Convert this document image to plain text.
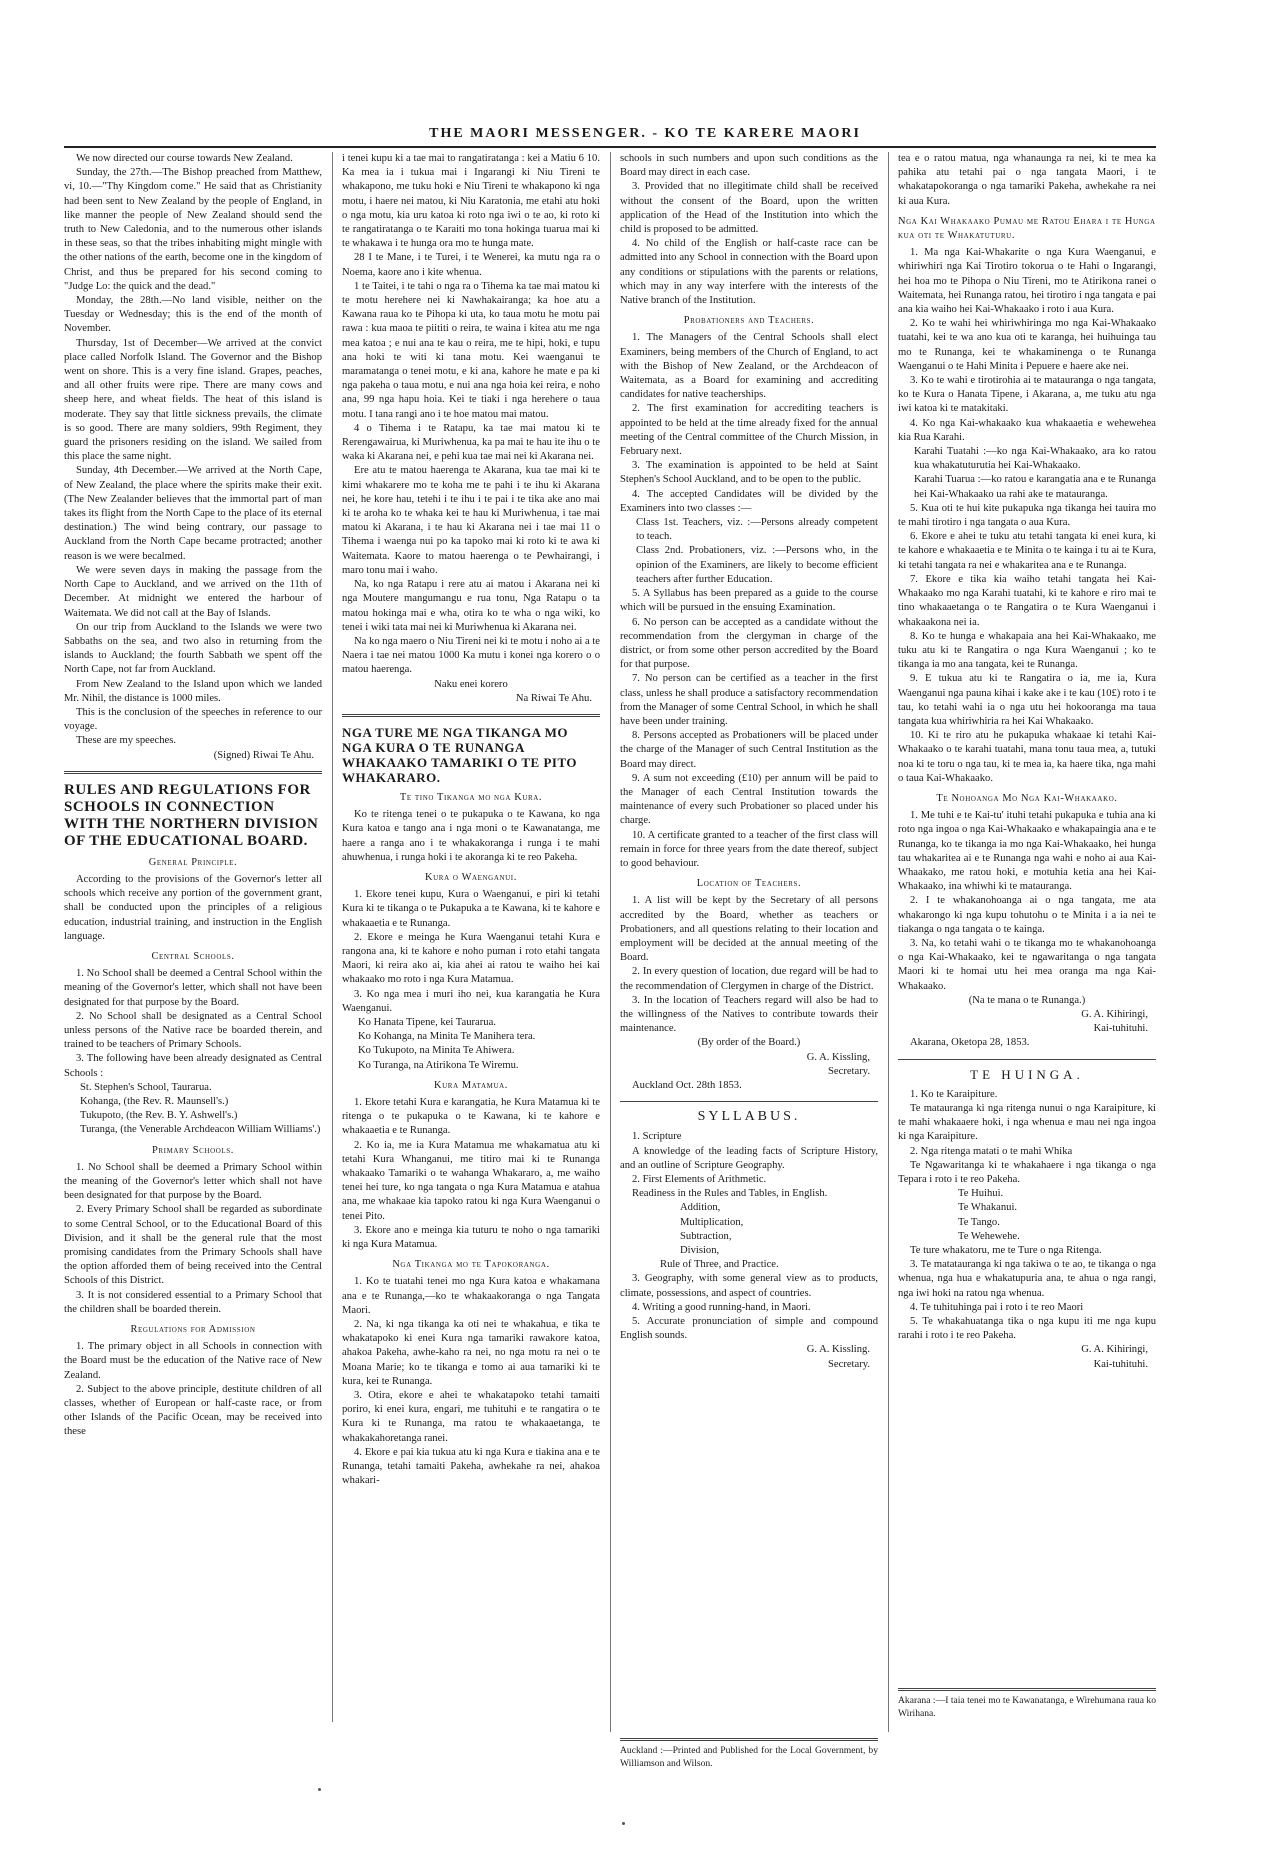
THE MAORI MESSENGER. - KO TE KARERE MAORI

We now directed our course towards New Zealand.

Sunday, the 27th.—The Bishop preached from Matthew, vi, 10.—"Thy Kingdom come." He said that as Christianity had been sent to New Zealand by the people of England, in like manner the people of New Zealand should send the truth to New Caledonia, and to the numerous other islands in these seas, so that the tribes inhabiting might mingle with the other nations of the earth, become one in the kingdom of Christ, and thus be prepared for his second coming to "Judge Lo: the quick and the dead."

Monday, the 28th.—No land visible, neither on the Tuesday or Wednesday; this is the end of the month of November.

Thursday, 1st of December—We arrived at the convict place called Norfolk Island. The Governor and the Bishop went on shore. This is a very fine island. Grapes, peaches, and all other fruits were ripe. There are many cows and sheep here, and wheat fields. The heat of this island is moderate. They say that little sickness prevails, the climate is so good. There are many soldiers, 99th Regiment, they guard the prisoners residing on the island. We sailed from this place the same night.

Sunday, 4th December.—We arrived at the North Cape, of New Zealand, the place where the spirits make their exit. (The New Zealander believes that the immortal part of man takes its flight from the North Cape to the place of its eternal destination.) The wind being contrary, our passage to Auckland from the North Cape became protracted; another reason is we were becalmed.

We were seven days in making the passage from the North Cape to Auckland, and we arrived on the 11th of December. At midnight we entered the harbour of Waitemata. We did not call at the Bay of Islands.

On our trip from Auckland to the Islands we were two Sabbaths on the sea, and two also in returning from the islands to Auckland; the fourth Sabbath we spent off the North Cape, not far from Auckland.

From New Zealand to the Island upon which we landed Mr. Nihil, the distance is 1000 miles.

This is the conclusion of the speeches in reference to our voyage.

These are my speeches.

(Signed) Riwai Te Ahu.

RULES AND REGULATIONS FOR SCHOOLS IN CONNECTION WITH THE NORTHERN DIVISION OF THE EDUCATIONAL BOARD.

General Principle.

According to the provisions of the Governor's letter all schools which receive any portion of the government grant, shall be conducted upon the principles of a religious education, industrial training, and instruction in the English language.

Central Schools.

1. No School shall be deemed a Central School within the meaning of the Governor's letter, which shall not have been designated for that purpose by the Board.

2. No School shall be designated as a Central School unless persons of the Native race be boarded therein, and trained to be teachers of Primary Schools.

3. The following have been already designated as Central Schools :

St. Stephen's School, Taurarua.

Kohanga, (the Rev. R. Maunsell's.)

Tukupoto, (the Rev. B. Y. Ashwell's.)

Turanga, (the Venerable Archdeacon William Williams'.)

Primary Schools.

1. No School shall be deemed a Primary School within the meaning of the Governor's letter which shall not have been designated for that purpose by the Board.

2. Every Primary School shall be regarded as subordinate to some Central School, or to the Educational Board of this Division, and it shall be the general rule that the most promising candidates from the Primary Schools shall have the option afforded them of being received into the Central Schools of this District.

3. It is not considered essential to a Primary School that the children shall be boarded therein.

Regulations for Admission

1. The primary object in all Schools in connection with the Board must be the education of the Native race of New Zealand.

2. Subject to the above principle, destitute children of all classes, whether of European or half-caste race, or from other Islands of the Pacific Ocean, may be received into these

i tenei kupu ki a tae mai to rangatiratanga : kei a Matiu 6 10. Ka mea ia i tukua mai i Ingarangi ki Niu Tireni te whakapono, me tuku hoki e Niu Tireni te whakapono ki nga motu, i haere nei matou, ki Niu Karatonia, me etahi atu hoki o nga motu, kia uru katoa ki roto nga iwi o te ao, ki roto ki te rangatiratanga o te Karaiti mo tona hokinga tuarua mai ki te whakawa i te hunga ora mo te hunga mate.

28 I te Mane, i te Turei, i te Wenerei, ka mutu nga ra o Noema, kaore ano i kite whenua.

1 te Taitei, i te tahi o nga ra o Tihema ka tae mai matou ki te motu herehere nei ki Nawhakairanga; ka hoe atu a Kawana raua ko te Pihopa ki uta, ko taua motu he motu pai rawa : kua maoa te piititi o reira, te waina i kitea atu me nga mea katoa ; e nui ana te kau o reira, me te hipi, hoki, e tupu ana hoki te witi ki tana motu. Kei waenganui te maramatanga o tenei motu, e ki ana, kahore he mate e pa ki nga pakeha o taua motu, e nui ana nga hoia kei reira, e noho ana, 99 nga hapu hoia. Kei te tiaki i nga herehere o taua motu. I tana rangi ano i te hoe matou mai matou.

4 o Tihema i te Ratapu, ka tae mai matou ki te Rerengawairua, ki Muriwhenua, ka pa mai te hau ite ihu o te waka ki Akarana nei, e pehi kua tae mai nei ki Akarana nei.

Ere atu te matou haerenga te Akarana, kua tae mai ki te kimi whakarere mo te koha me te pahi i te ihu ki Akarana nei, he kore hau, tetehi i te ihu i te pai i te tika ake ano mai ki te aroha ko te whaka kei te hau ki Muriwhenua, i tae mai matou ki Akarana, i te hau ki Akarana nei i tae mai 11 o Tihema i waenga nui po ka tapoko mai ki roto ki te awa ki Waitemata. Kaore to matou haerenga o te Pewhairangi, i maro tonu mai i waho.

Na, ko nga Ratapu i rere atu ai matou i Akarana nei ki nga Moutere mangumangu e rua tonu, Nga Ratapu o ta matou hokinga mai e wha, otira ko te wha o nga wiki, ko tenei i wiki tata mai nei ki Muriwhenua ki Akarana nei.

Na ko nga maero o Niu Tireni nei ki te motu i noho ai a te Naera i tae nei matou 1000 Ka mutu i konei nga korero o o matou haerenga.

Naku enei korero

Na Riwai Te Ahu.

NGA TURE ME NGA TIKANGA MO NGA KURA O TE RUNANGA WHAKAAKO TAMARIKI O TE PITO WHAKARARO.

Te tino Tikanga mo nga Kura.

Ko te ritenga tenei o te pukapuka o te Kawana, ko nga Kura katoa e tango ana i nga moni o te Kawanatanga, me haere a ranga ano i te whakakoranga i runga i te mahi ahuwhenua, i runga hoki i te akoranga ki te reo Pakeha.

Kura o Waenganui.

1. Ekore tenei kupu, Kura o Waenganui, e piri ki tetahi Kura ki te tikanga o te Pukapuka a te Kawana, ki te kahore e whakaaetia e te Runanga.

2. Ekore e meinga he Kura Waenganui tetahi Kura e rangona ana, ki te kahore e noho puman i roto etahi tangata Maori, ki reira ako ai, kia ahei ai ratou te waiho hei kai whakaako mo roto i nga Kura Matamua.

3. Ko nga mea i muri iho nei, kua karangatia he Kura Waenganui.

Ko Hanata Tipene, kei Taurarua.

Ko Kohanga, na Minita Te Manihera tera.

Ko Tukupoto, na Minita Te Ahiwera.

Ko Turanga, na Atirikona Te Wiremu.

Kura Matamua.

1. Ekore tetahi Kura e karangatia, he Kura Matamua ki te ritenga o te pukapuka o te Kawana, ki te kahore e whakaaetia e te Runanga.

2. Ko ia, me ia Kura Matamua me whakamatua atu ki tetahi Kura Whanganui, me titiro mai ki te Runanga whakaako Tamariki o te wahanga Whakararo, a, me waiho tenei hei ture, ko nga tangata o nga Kura Matamua e atahua ana, me whakaae kia tapoko ratou ki nga Kura Waenganui o tenei Pito.

3. Ekore ano e meinga kia tuturu te noho o nga tamariki ki nga Kura Matamua.

Nga Tikanga mo te Tapokoranga.

1. Ko te tuatahi tenei mo nga Kura katoa e whakamana ana e te Runanga,—ko te whakaakoranga o nga Tangata Maori.

2. Na, ki nga tikanga ka oti nei te whakahua, e tika te whakatapoko ki enei Kura nga tamariki rawakore katoa, ahakoa Pakeha, awhe-kaho ra nei, no nga motu ra nei o te Moana Marie; ko te tikanga e tomo ai aua tamariki ki te kura, kei te Runanga.

3. Otira, ekore e ahei te whakatapoko tetahi tamaiti poriro, ki enei kura, engari, me tuhituhi e te rangatira o te Kura ki te Runanga, ma ratou te whakaaetanga, te whakakahoretanga ranei.

4. Ekore e pai kia tukua atu ki nga Kura e tiakina ana e te Runanga, tetahi tamaiti Pakeha, awhekahe ra nei, ahakoa whakari-

schools in such numbers and upon such conditions as the Board may direct in each case.

3. Provided that no illegitimate child shall be received without the consent of the Board, upon the written application of the Head of the Institution into which the child is proposed to be admitted.

4. No child of the English or half-caste race can be admitted into any School in connection with the Board upon any conditions or stipulations with the parents or relations, which may in any way interfere with the interests of the Native branch of the Institution.

Probationers and Teachers.

1. The Managers of the Central Schools shall elect Examiners, being members of the Church of England, to act with the Bishop of New Zealand, or the Archdeacon of Waitemata, as a Board for examining and accrediting candidates for native teacherships.

2. The first examination for accrediting teachers is appointed to be held at the time already fixed for the annual meeting of the Central committee of the Church Mission, in February next.

3. The examination is appointed to be held at Saint Stephen's School Auckland, and to be open to the public.

4. The accepted Candidates will be divided by the Examiners into two classes :—

Class 1st. Teachers, viz. :—Persons already competent to teach.

Class 2nd. Probationers, viz. :—Persons who, in the opinion of the Examiners, are likely to become efficient teachers after further Education.

5. A Syllabus has been prepared as a guide to the course which will be pursued in the ensuing Examination.

6. No person can be accepted as a candidate without the recommendation from the clergyman in charge of the district, or from some other person accredited by the Board for that purpose.

7. No person can be certified as a teacher in the first class, unless he shall produce a satisfactory recommendation from the Manager of some Central School, in which he shall have been under training.

8. Persons accepted as Probationers will be placed under the charge of the Manager of such Central Institution as the Board may direct.

9. A sum not exceeding (£10) per annum will be paid to the Manager of each Central Institution towards the maintenance of every such Probationer so placed under his charge.

10. A certificate granted to a teacher of the first class will remain in force for three years from the date thereof, subject to good behaviour.

Location of Teachers.

1. A list will be kept by the Secretary of all persons accredited by the Board, whether as teachers or Probationers, and all questions relating to their location and employment will be decided at the annual meeting of the Board.

2. In every question of location, due regard will be had to the recommendation of Clergymen in charge of the District.

3. In the location of Teachers regard will also be had to the willingness of the Natives to contribute towards their maintenance.

(By order of the Board.)

G. A. Kissling,

Secretary.

Auckland Oct. 28th 1853.

SYLLABUS.

1. Scripture

A knowledge of the leading facts of Scripture History, and an outline of Scripture Geography.

2. First Elements of Arithmetic.

Readiness in the Rules and Tables, in English.

Addition,

Multiplication,

Subtraction,

Division,

Rule of Three, and Practice.

3. Geography, with some general view as to products, climate, possessions, and aspect of countries.

4. Writing a good running-hand, in Maori.

5. Accurate pronunciation of simple and compound English sounds.

G. A. Kissling.

Secretary.

Auckland :—Printed and Published for the Local Government, by Williamson and Wilson.

tea e o ratou matua, nga whanaunga ra nei, ki te mea ka pahika atu tetahi pai o nga tangata Maori, i te whakatapokoranga o nga tamariki Pakeha, awhekahe ra nei ki aua Kura.

Nga Kai Whakaako Pumau me Ratou Ehara i te Hunga kua oti te Whakatuturu.

1. Ma nga Kai-Whakarite o nga Kura Waenganui, e whiriwhiri nga Kai Tirotiro tokorua o te Hahi o Ingarangi, hei hoa mo te Pihopa o Niu Tireni, mo te Atirikona ranei o Waitemata, hei Runanga ratou, hei tirotiro i nga tangata e pai ana kia waiho hei Kai-Whakaako i roto i aua Kura.

2. Ko te wahi hei whiriwhiringa mo nga Kai-Whakaako tuatahi, kei te wa ano kua oti te karanga, hei huihuinga tau mo te Runanga, kei te whakaminenga o te Runanga Waenganui o te Hahi Minita i Pepuere e haere ake nei.

3. Ko te wahi e tirotirohia ai te matauranga o nga tangata, ko te Kura o Hanata Tipene, i Akarana, a, me tuku atu nga iwi katoa ki te matakitaki.

4. Ko nga Kai-whakaako kua whakaaetia e wehewehea kia Rua Karahi.

Karahi Tuatahi :—ko nga Kai-Whakaako, ara ko ratou kua whakatuturutia hei Kai-Whakaako.

Karahi Tuarua :—ko ratou e karangatia ana e te Runanga hei Kai-Whakaako ua rahi ake te matauranga.

5. Kua oti te hui kite pukapuka nga tikanga hei tauira mo te mahi tirotiro i nga tangata o aua Kura.

6. Ekore e ahei te tuku atu tetahi tangata ki enei kura, ki te kahore e whakaaetia e te Minita o te kainga i tu ai te Kura, ki tetahi tangata ra nei e whakaritea ana e te Runanga.

7. Ekore e tika kia waiho tetahi tangata hei Kai-Whakaako mo nga Karahi tuatahi, ki te kahore e riro mai te tino whakaaetanga o te Rangatira o te Kura Waenganui i whakaakona nei ia.

8. Ko te hunga e whakapaia ana hei Kai-Whakaako, me tuku atu ki te Rangatira o nga Kura Waenganui ; ko te tikanga ia mo ana tangata, kei te Runanga.

9. E tukua atu ki te Rangatira o ia, me ia, Kura Waenganui nga pauna kihai i kake ake i te kau (10£) roto i te tau, ko tetahi wahi ia o nga utu hei hokoorangа ma taua tangata kua whiriwhiria ra hei Kai Whakaako.

10. Ki te riro atu he pukapuka whakaae ki tetahi Kai-Whakaako o te karahi tuatahi, mana tonu taua mea, a, tutuki noa ki te toru o nga tau, ki te mea ia, ka haere tika, nga mahi o taua Kai-Whakaako.

Te Nohoanga Mo Nga Kai-Whakaako.

1. Me tuhi e te Kai-tu' ituhi tetahi pukapuka e tuhia ana ki roto nga ingoa o nga Kai-Whakaako e whakapaingia ana e te Runanga, ko te tikanga ia mo nga Kai-Whakaako, hei hunga tau whakaritea ai e te Runanga nga wahi e noho ai aua Kai-Whaakako, me ratou hoki, e motuhia ketia ana hei Kai-Whakaako, ina whiwhi ki te matauranga.

2. I te whakanohoanga ai o nga tangata, me ata whakarongo ki nga kupu tohutohu o te Minita i a ia nei te tiakanga o nga tangata o te kainga.

3. Na, ko tetahi wahi o te tikanga mo te whakanohoanga o nga Kai-Whakaako, kei te ngawaritanga o nga tangata Maori ki te homai utu hei mea oranga ma nga Kai-Whakaako.

(Na te mana o te Runanga.)

G. A. Kihiringi,

Kai-tuhituhi.

Akarana, Oketopa 28, 1853.

TE HUINGA.

1. Ko te Karaipiture.

Te matauranga ki nga ritenga nunui o nga Karaipiture, ki te mahi whakaaere hoki, i nga whenua e mau nei nga ingoa ki nga Karaipiture.

2. Nga ritenga matati o te mahi Whika

Te Ngawaritanga ki te whakahaere i nga tikanga o nga Tepara i roto i te reo Pakeha.

Te Huihui.

Te Whakanui.

Te Tango.

Te Wehewehe.

Te ture whakatoru, me te Ture o nga Ritenga.

3. Te matatauranga ki nga takiwa o te ao, te tikanga o nga whenua, nga hua e whakatupuria ana, te ahua o nga rangi, nga iwi hoki na ratou nga whenua.

4. Te tuhituhinga pai i roto i te reo Maori

5. Te whakahuatanga tika o nga kupu iti me nga kupu rarahi i roto i te reo Pakeha.

G. A. Kihiringi,

Kai-tuhituhi.

Akarana :—I taia tenei mo te Kawanatanga, e Wirehumana raua ko Wirihana.
